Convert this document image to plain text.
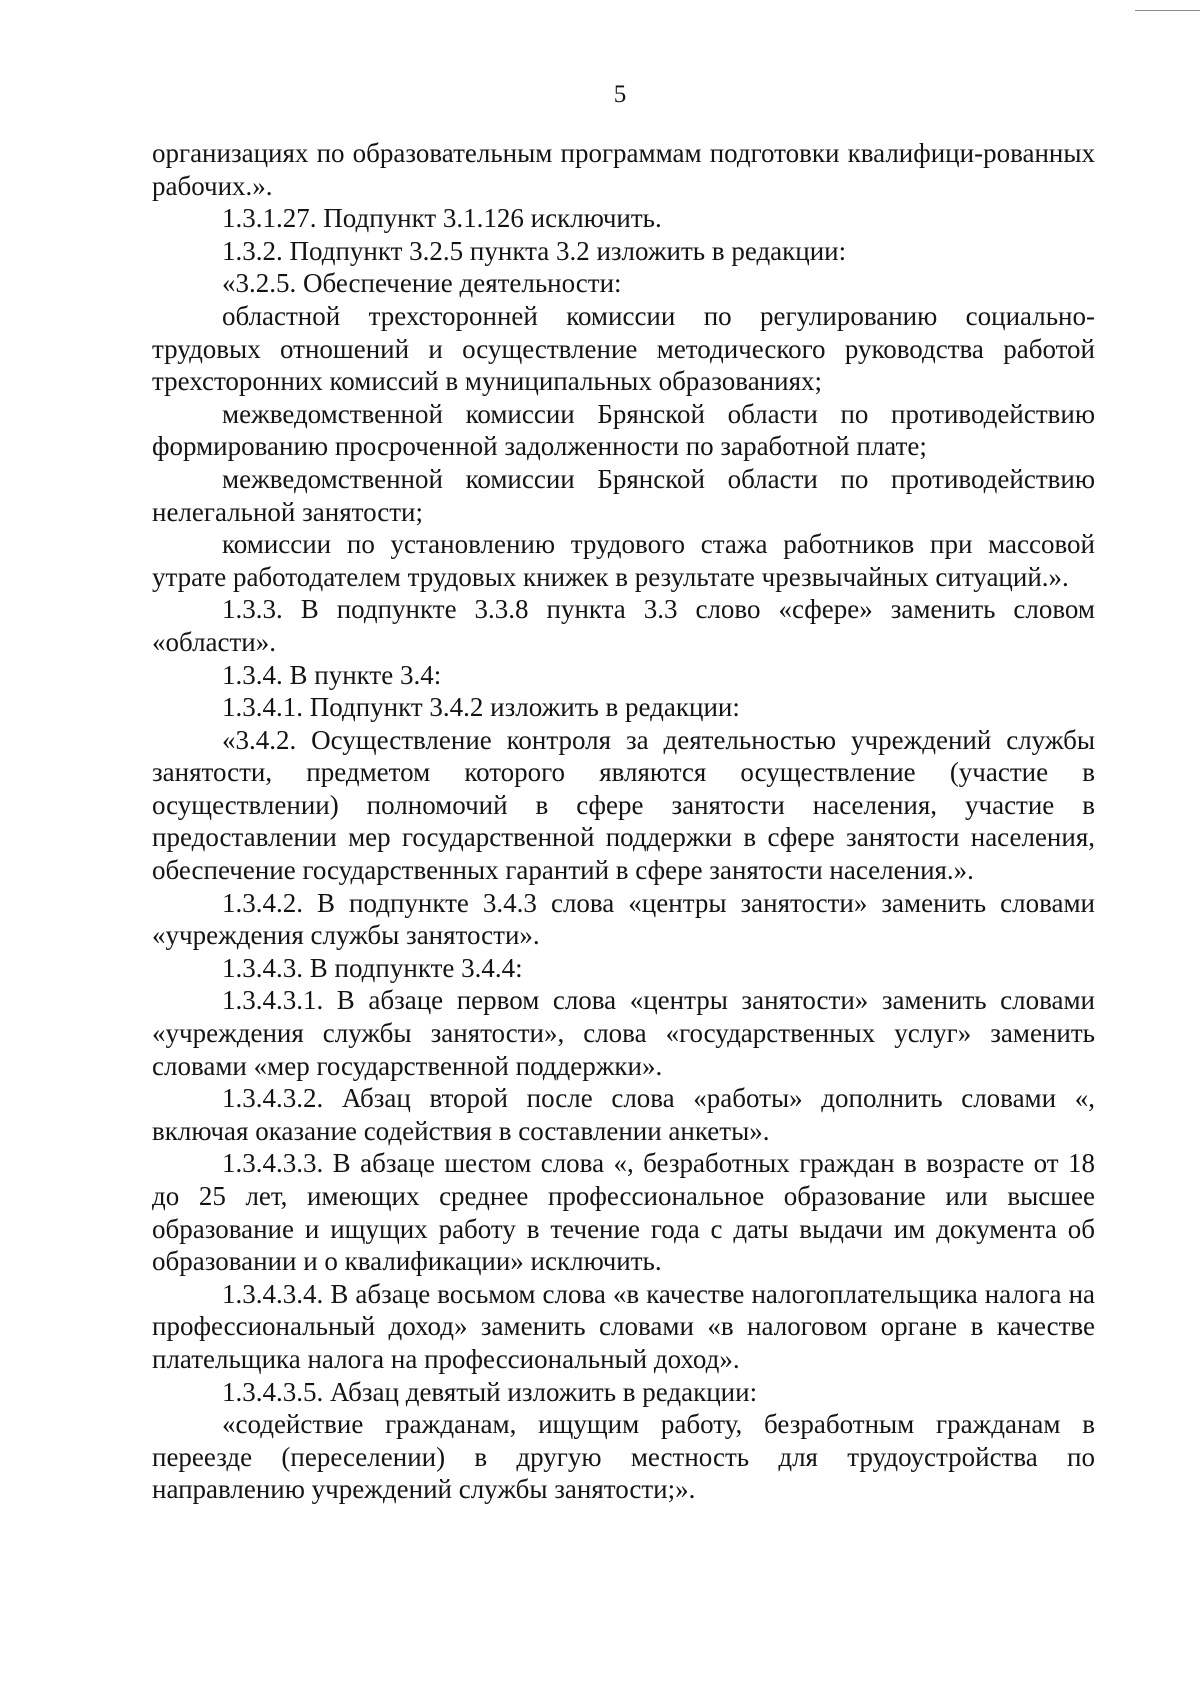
5

организациях по образовательным программам подготовки квалифици-рованных рабочих.».

1.3.1.27. Подпункт 3.1.126 исключить.

1.3.2. Подпункт 3.2.5 пункта 3.2 изложить в редакции:

«3.2.5. Обеспечение деятельности:

областной трехсторонней комиссии по регулированию социально-трудовых отношений и осуществление методического руководства работой трехсторонних комиссий в муниципальных образованиях;

межведомственной комиссии Брянской области по противодействию формированию просроченной задолженности по заработной плате;

межведомственной комиссии Брянской области по противодействию нелегальной занятости;

комиссии по установлению трудового стажа работников при массовой утрате работодателем трудовых книжек в результате чрезвычайных ситуаций.».

1.3.3. В подпункте 3.3.8 пункта 3.3 слово «сфере» заменить словом «области».

1.3.4. В пункте 3.4:

1.3.4.1. Подпункт 3.4.2 изложить в редакции:

«3.4.2. Осуществление контроля за деятельностью учреждений службы занятости, предметом которого являются осуществление (участие в осуществлении) полномочий в сфере занятости населения, участие в предоставлении мер государственной поддержки в сфере занятости населения, обеспечение государственных гарантий в сфере занятости населения.».

1.3.4.2. В подпункте 3.4.3 слова «центры занятости» заменить словами «учреждения службы занятости».

1.3.4.3. В подпункте 3.4.4:

1.3.4.3.1. В абзаце первом слова «центры занятости» заменить словами «учреждения службы занятости», слова «государственных услуг» заменить словами «мер государственной поддержки».

1.3.4.3.2. Абзац второй после слова «работы» дополнить словами «, включая оказание содействия в составлении анкеты».

1.3.4.3.3. В абзаце шестом слова «, безработных граждан в возрасте от 18 до 25 лет, имеющих среднее профессиональное образование или высшее образование и ищущих работу в течение года с даты выдачи им документа об образовании и о квалификации» исключить.

1.3.4.3.4. В абзаце восьмом слова «в качестве налогоплательщика налога на профессиональный доход» заменить словами «в налоговом органе в качестве плательщика налога на профессиональный доход».

1.3.4.3.5. Абзац девятый изложить в редакции:

«содействие гражданам, ищущим работу, безработным гражданам в переезде (переселении) в другую местность для трудоустройства по направлению учреждений службы занятости;».
